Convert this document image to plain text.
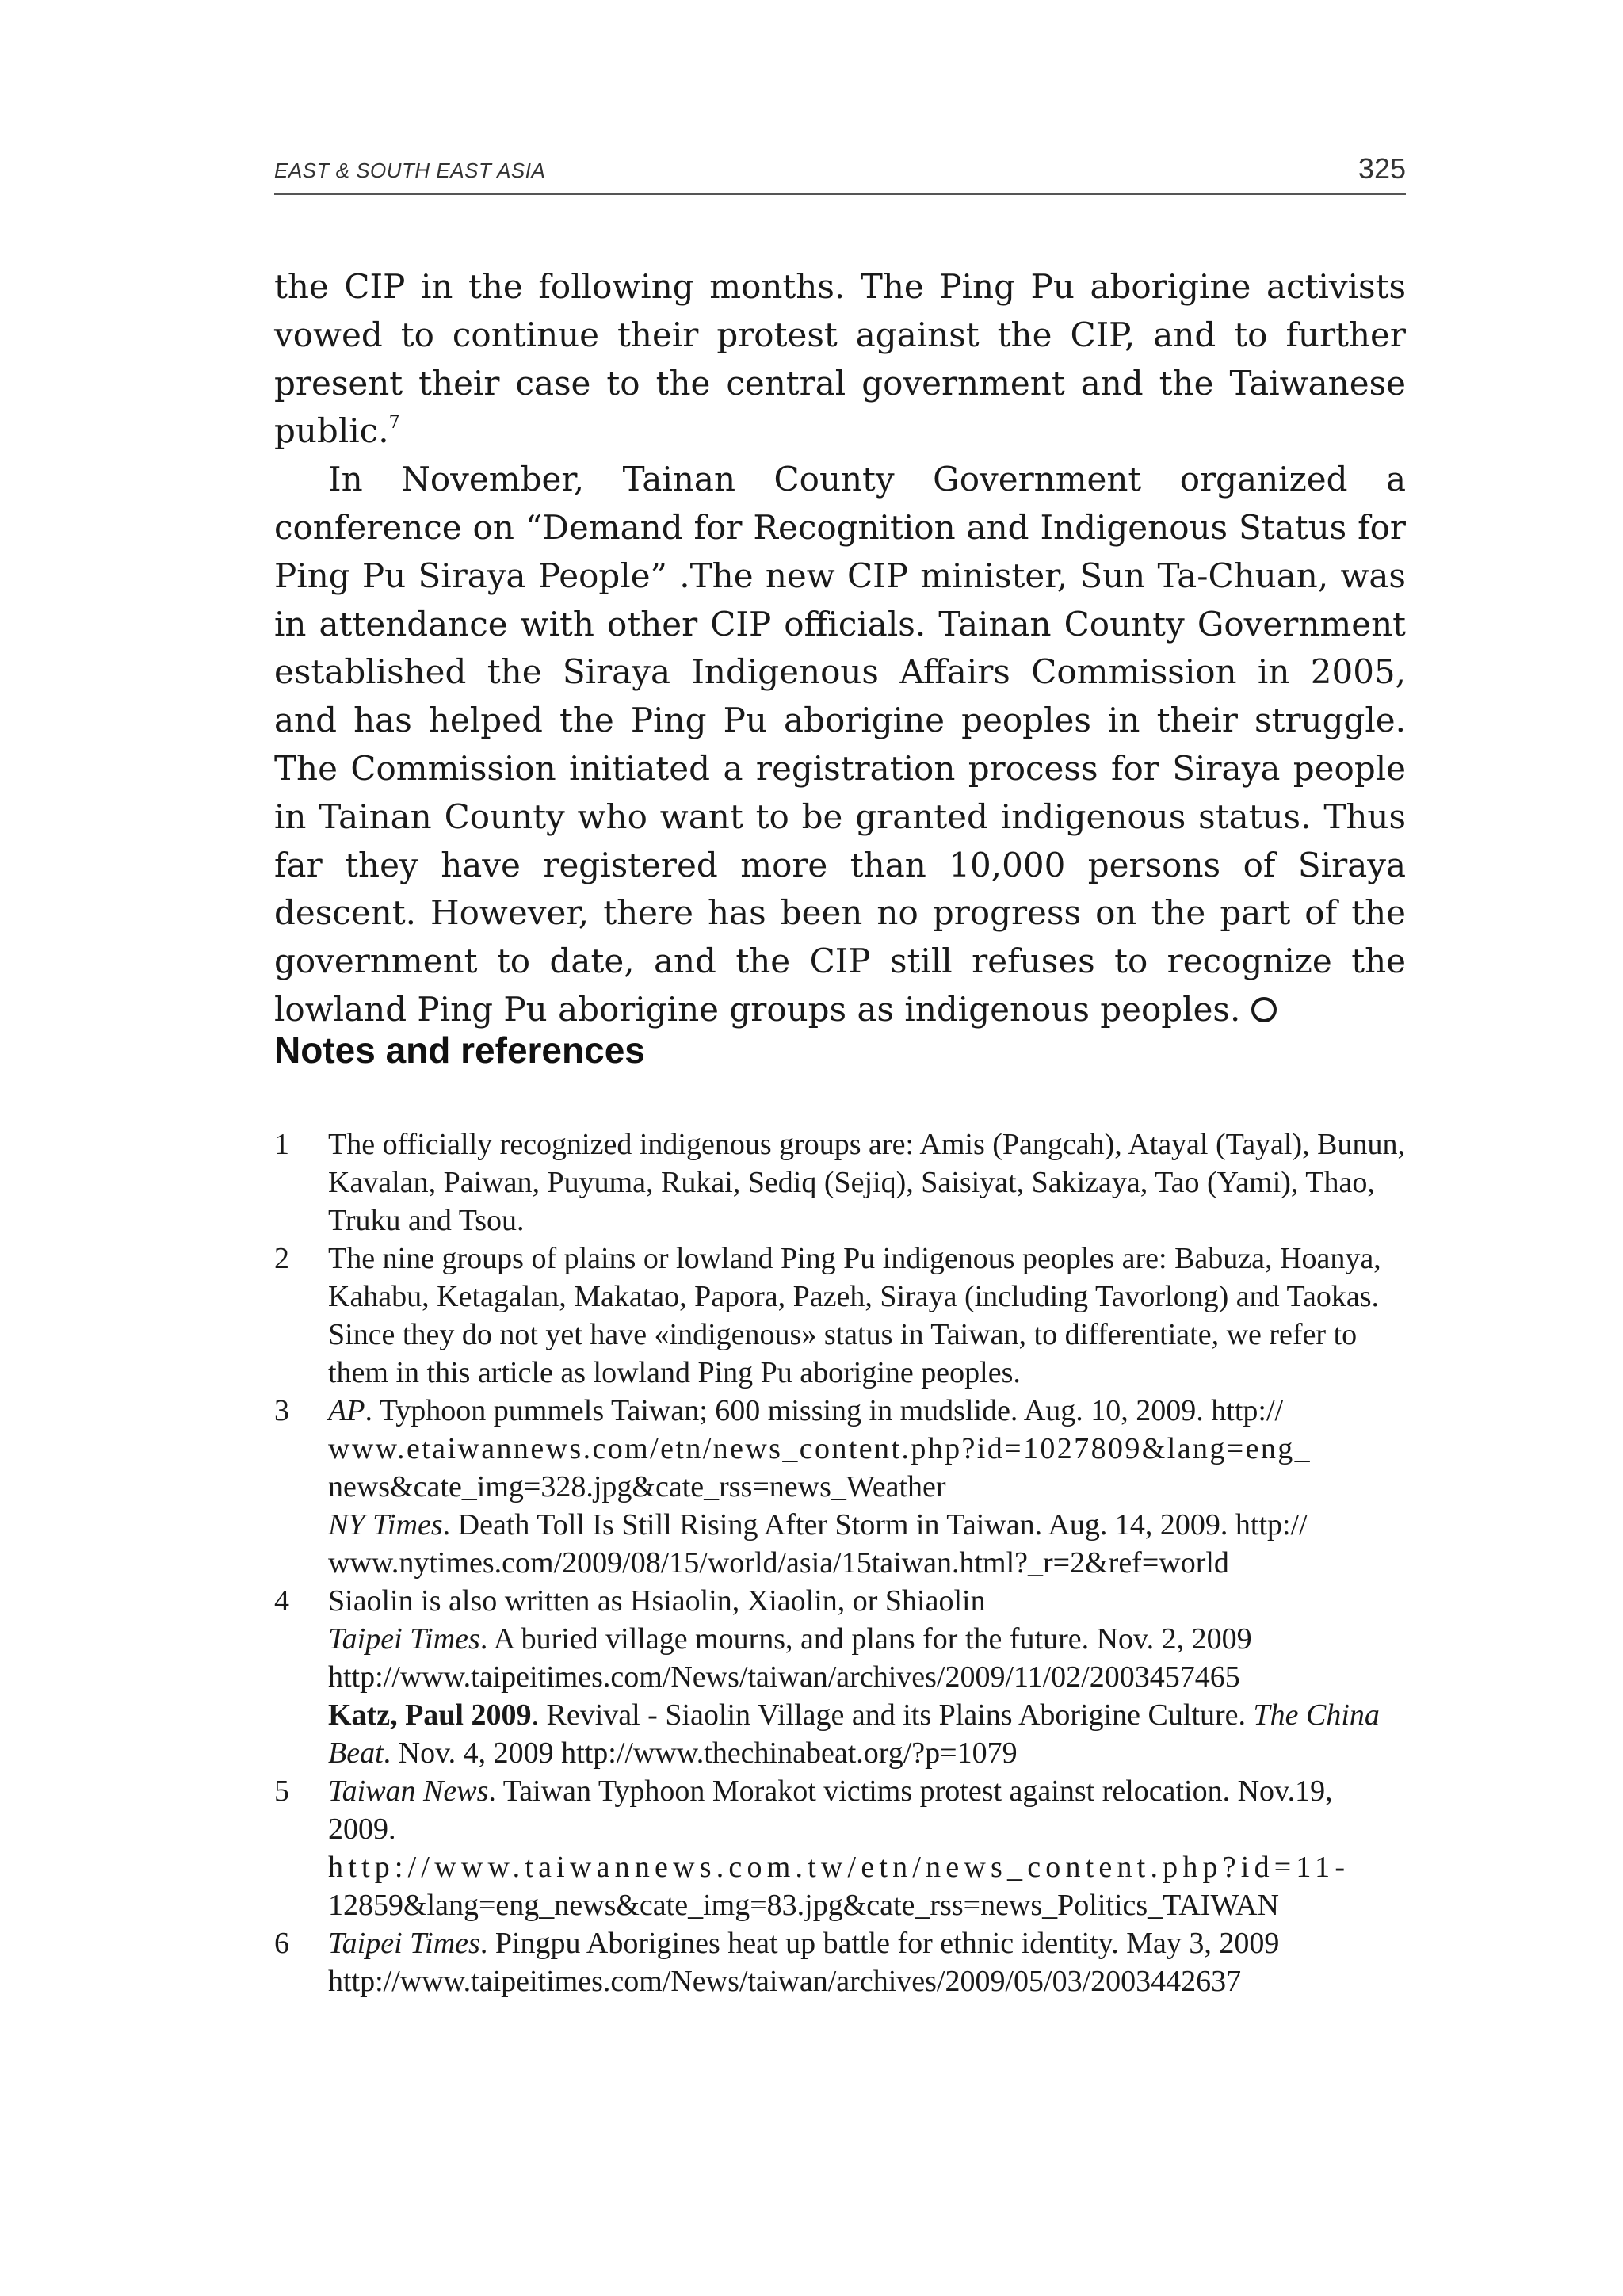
EAST & SOUTH EAST ASIA	325

the CIP in the following months. The Ping Pu aborigine activists vowed to continue their protest against the CIP, and to further present their case to the central government and the Taiwanese public.$^7$

In November, Tainan County Government organized a conference on “Demand for Recognition and Indigenous Status for Ping Pu Siraya People” .The new CIP minister, Sun Ta-Chuan, was in attendance with other CIP officials. Tainan County Government established the Siraya Indigenous Affairs Commission in 2005, and has helped the Ping Pu aborigine peoples in their struggle. The Commission initiated a registration process for Siraya people in Tainan County who want to be granted indigenous status. Thus far they have registered more than 10,000 persons of Siraya descent. However, there has been no progress on the part of the government to date, and the CIP still refuses to recognize the lowland Ping Pu aborigine groups as indigenous peoples.

Notes and references
1 The officially recognized indigenous groups are: Amis (Pangcah), Atayal (Tayal), Bunun, Kavalan, Paiwan, Puyuma, Rukai, Sediq (Sejiq), Saisiyat, Sakizaya, Tao (Yami), Thao, Truku and Tsou.
2 The nine groups of plains or lowland Ping Pu indigenous peoples are: Babuza, Hoanya, Kahabu, Ketagalan, Makatao, Papora, Pazeh, Siraya (including Tavorlong) and Taokas. Since they do not yet have «indigenous» status in Taiwan, to differentiate, we refer to them in this article as lowland Ping Pu aborigine peoples.
3 AP. Typhoon pummels Taiwan; 600 missing in mudslide. Aug. 10, 2009. http://
www.etaiwannews.com/etn/news_content.php?id=1027809&lang=eng_
news&cate_img=328.jpg&cate_rss=news_Weather
NY Times. Death Toll Is Still Rising After Storm in Taiwan. Aug. 14, 2009. http://
www.nytimes.com/2009/08/15/world/asia/15taiwan.html?_r=2&ref=world
4 Siaolin is also written as Hsiaolin, Xiaolin, or Shiaolin
Taipei Times. A buried village mourns, and plans for the future. Nov. 2, 2009
http://www.taipeitimes.com/News/taiwan/archives/2009/11/02/2003457465
Katz, Paul 2009. Revival - Siaolin Village and its Plains Aborigine Culture. The China Beat. Nov. 4, 2009 http://www.thechinabeat.org/?p=1079
5 Taiwan News. Taiwan Typhoon Morakot victims protest against relocation. Nov.19, 2009.
http://www.taiwannews.com.tw/etn/news_content.php?id=11-
12859&lang=eng_news&cate_img=83.jpg&cate_rss=news_Politics_TAIWAN
6 Taipei Times. Pingpu Aborigines heat up battle for ethnic identity. May 3, 2009
http://www.taipeitimes.com/News/taiwan/archives/2009/05/03/2003442637
